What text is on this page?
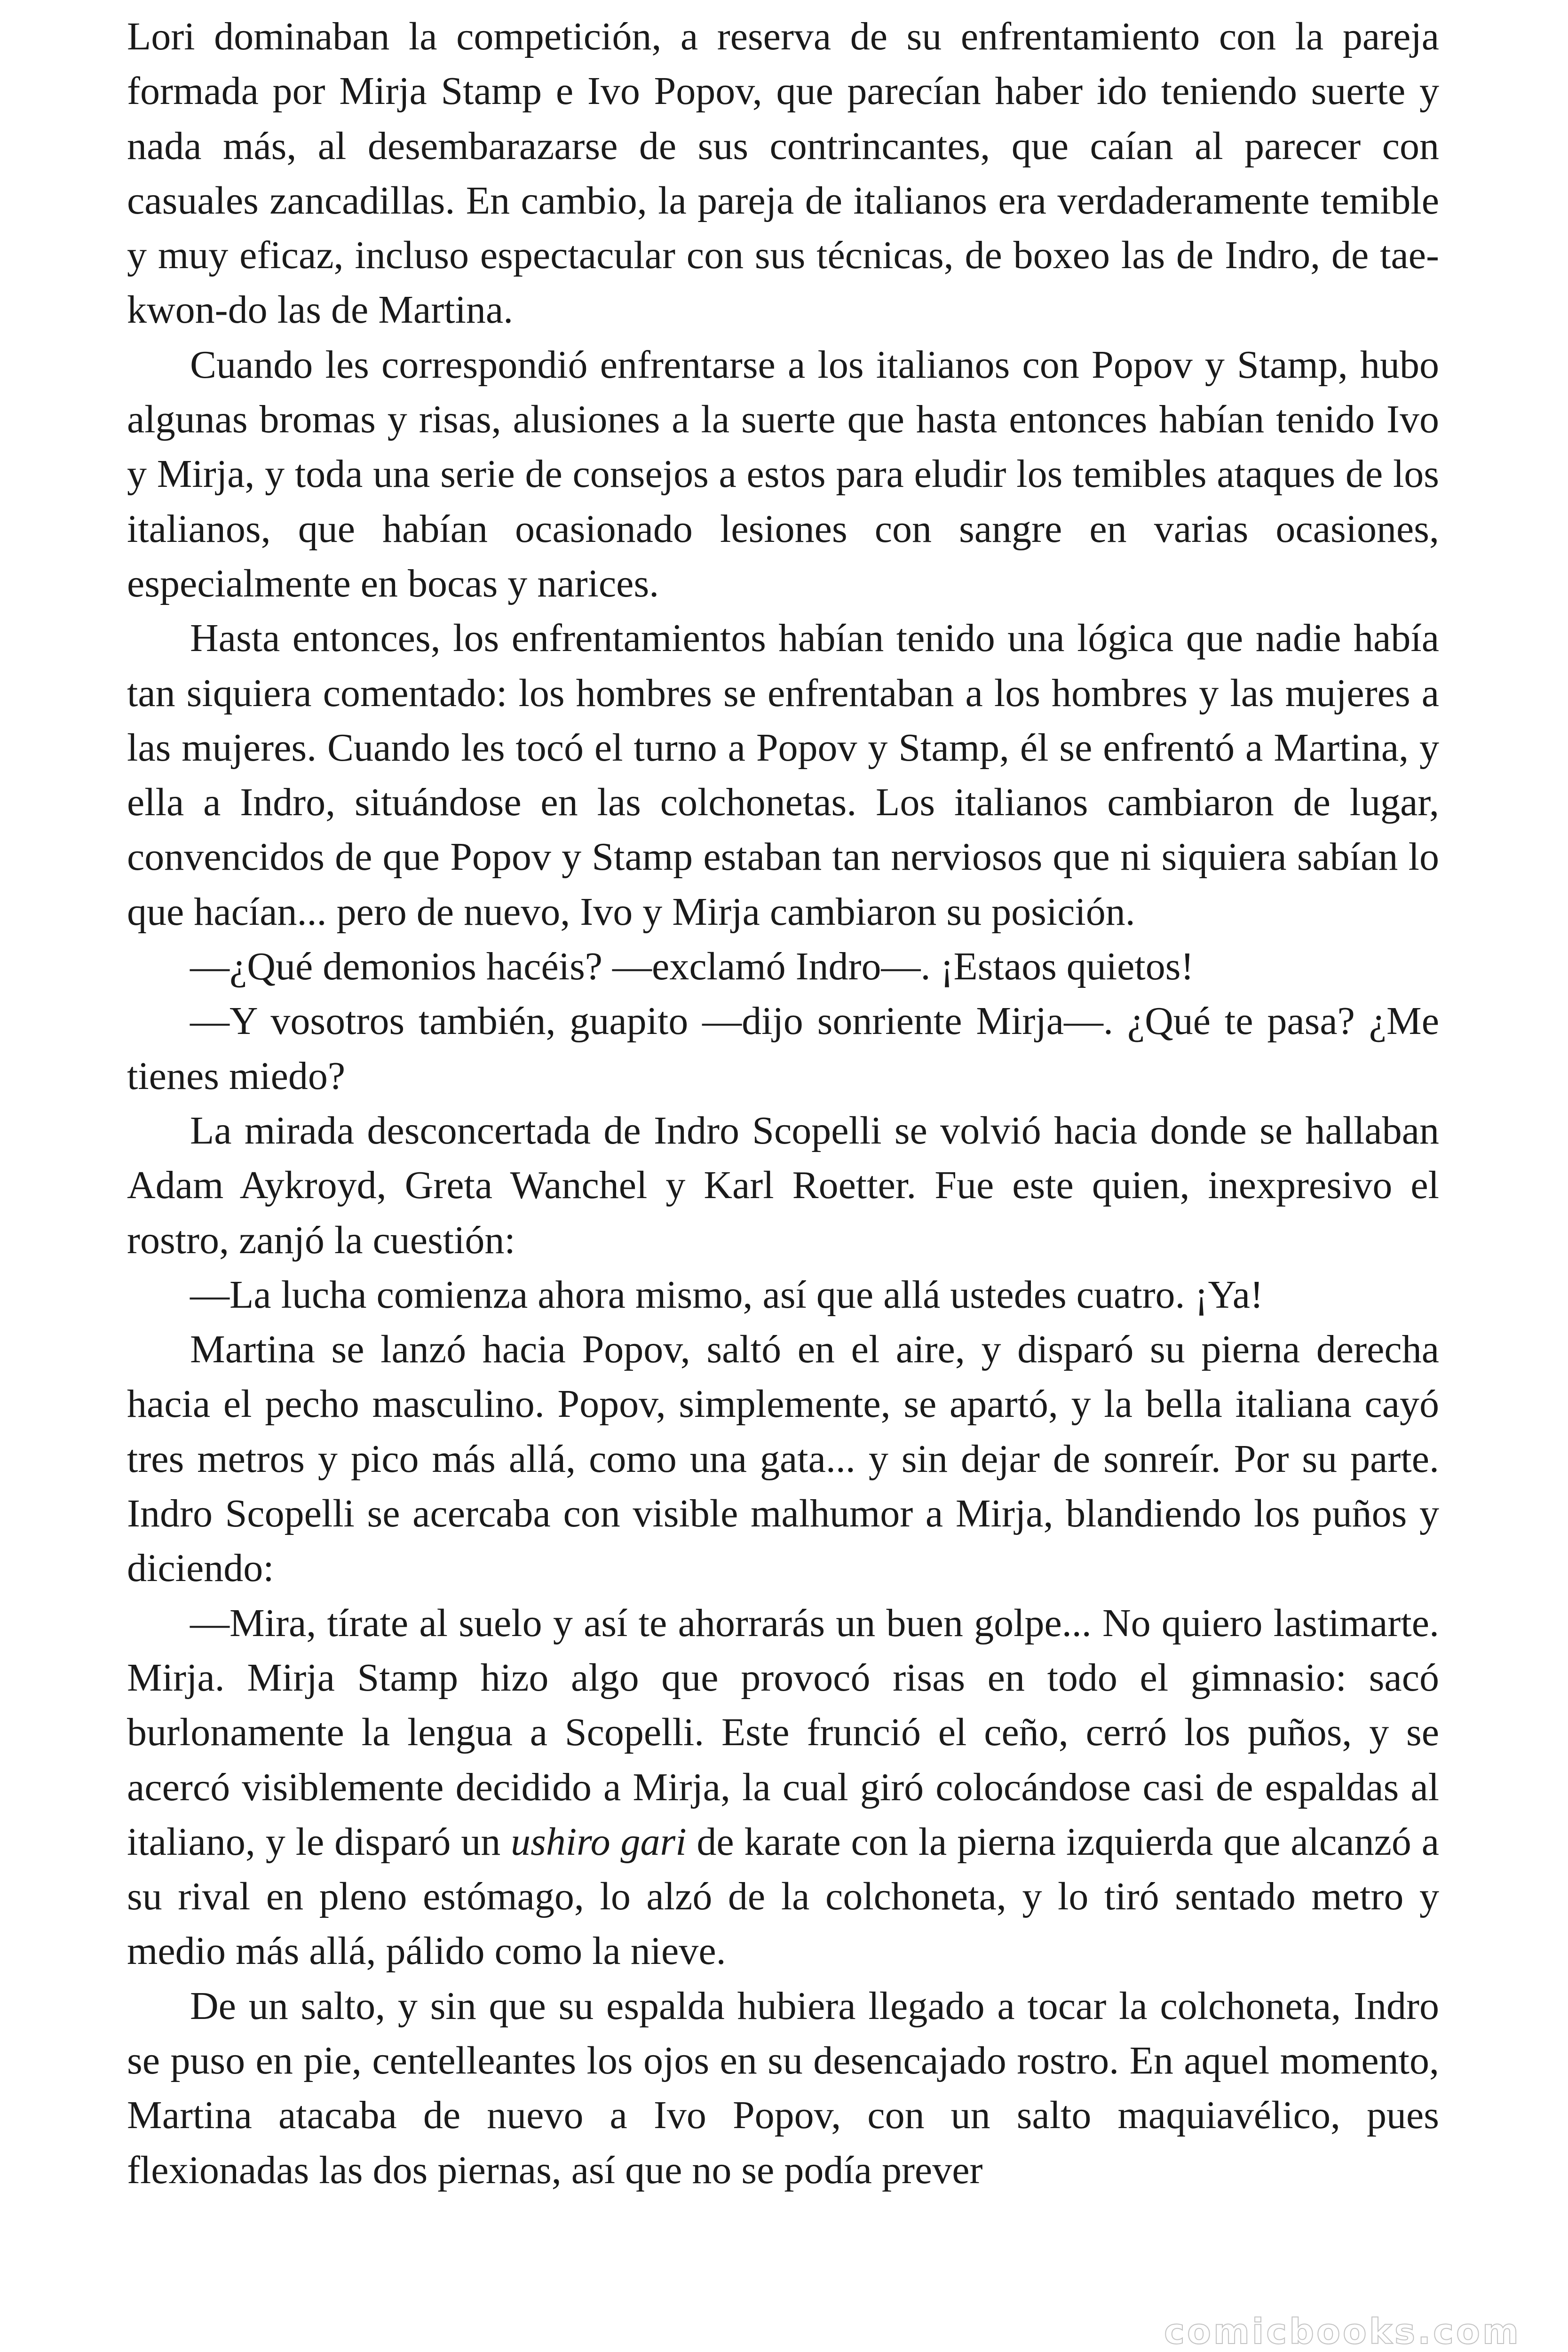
Lori dominaban la competición, a reserva de su enfrentamiento con la pareja formada por Mirja Stamp e Ivo Popov, que parecían haber ido teniendo suerte y nada más, al desembarazarse de sus contrincantes, que caían al parecer con casuales zancadillas. En cambio, la pareja de italianos era verdaderamente temible y muy eficaz, incluso espectacular con sus técnicas, de boxeo las de Indro, de tae-kwon-do las de Martina.

Cuando les correspondió enfrentarse a los italianos con Popov y Stamp, hubo algunas bromas y risas, alusiones a la suerte que hasta entonces habían tenido Ivo y Mirja, y toda una serie de consejos a estos para eludir los temibles ataques de los italianos, que habían ocasionado lesiones con sangre en varias ocasiones, especialmente en bocas y narices.

Hasta entonces, los enfrentamientos habían tenido una lógica que nadie había tan siquiera comentado: los hombres se enfrentaban a los hombres y las mujeres a las mujeres. Cuando les tocó el turno a Popov y Stamp, él se enfrentó a Martina, y ella a Indro, situándose en las colchonetas. Los italianos cambiaron de lugar, convencidos de que Popov y Stamp estaban tan nerviosos que ni siquiera sabían lo que hacían... pero de nuevo, Ivo y Mirja cambiaron su posición.

—¿Qué demonios hacéis? —exclamó Indro—. ¡Estaos quietos!

—Y vosotros también, guapito —dijo sonriente Mirja—. ¿Qué te pasa? ¿Me tienes miedo?

La mirada desconcertada de Indro Scopelli se volvió hacia donde se hallaban Adam Aykroyd, Greta Wanchel y Karl Roetter. Fue este quien, inexpresivo el rostro, zanjó la cuestión:

—La lucha comienza ahora mismo, así que allá ustedes cuatro. ¡Ya!

Martina se lanzó hacia Popov, saltó en el aire, y disparó su pierna derecha hacia el pecho masculino. Popov, simplemente, se apartó, y la bella italiana cayó tres metros y pico más allá, como una gata... y sin dejar de sonreír. Por su parte. Indro Scopelli se acercaba con visible malhumor a Mirja, blandiendo los puños y diciendo:

—Mira, tírate al suelo y así te ahorrarás un buen golpe... No quiero lastimarte. Mirja. Mirja Stamp hizo algo que provocó risas en todo el gimnasio: sacó burlonamente la lengua a Scopelli. Este frunció el ceño, cerró los puños, y se acercó visiblemente decidido a Mirja, la cual giró colocándose casi de espaldas al italiano, y le disparó un ushiro gari de karate con la pierna izquierda que alcanzó a su rival en pleno estómago, lo alzó de la colchoneta, y lo tiró sentado metro y medio más allá, pálido como la nieve.

De un salto, y sin que su espalda hubiera llegado a tocar la colchoneta, Indro se puso en pie, centelleantes los ojos en su desencajado rostro. En aquel momento, Martina atacaba de nuevo a Ivo Popov, con un salto maquiavélico, pues flexionadas las dos piernas, así que no se podía prever

comicbooks.com
